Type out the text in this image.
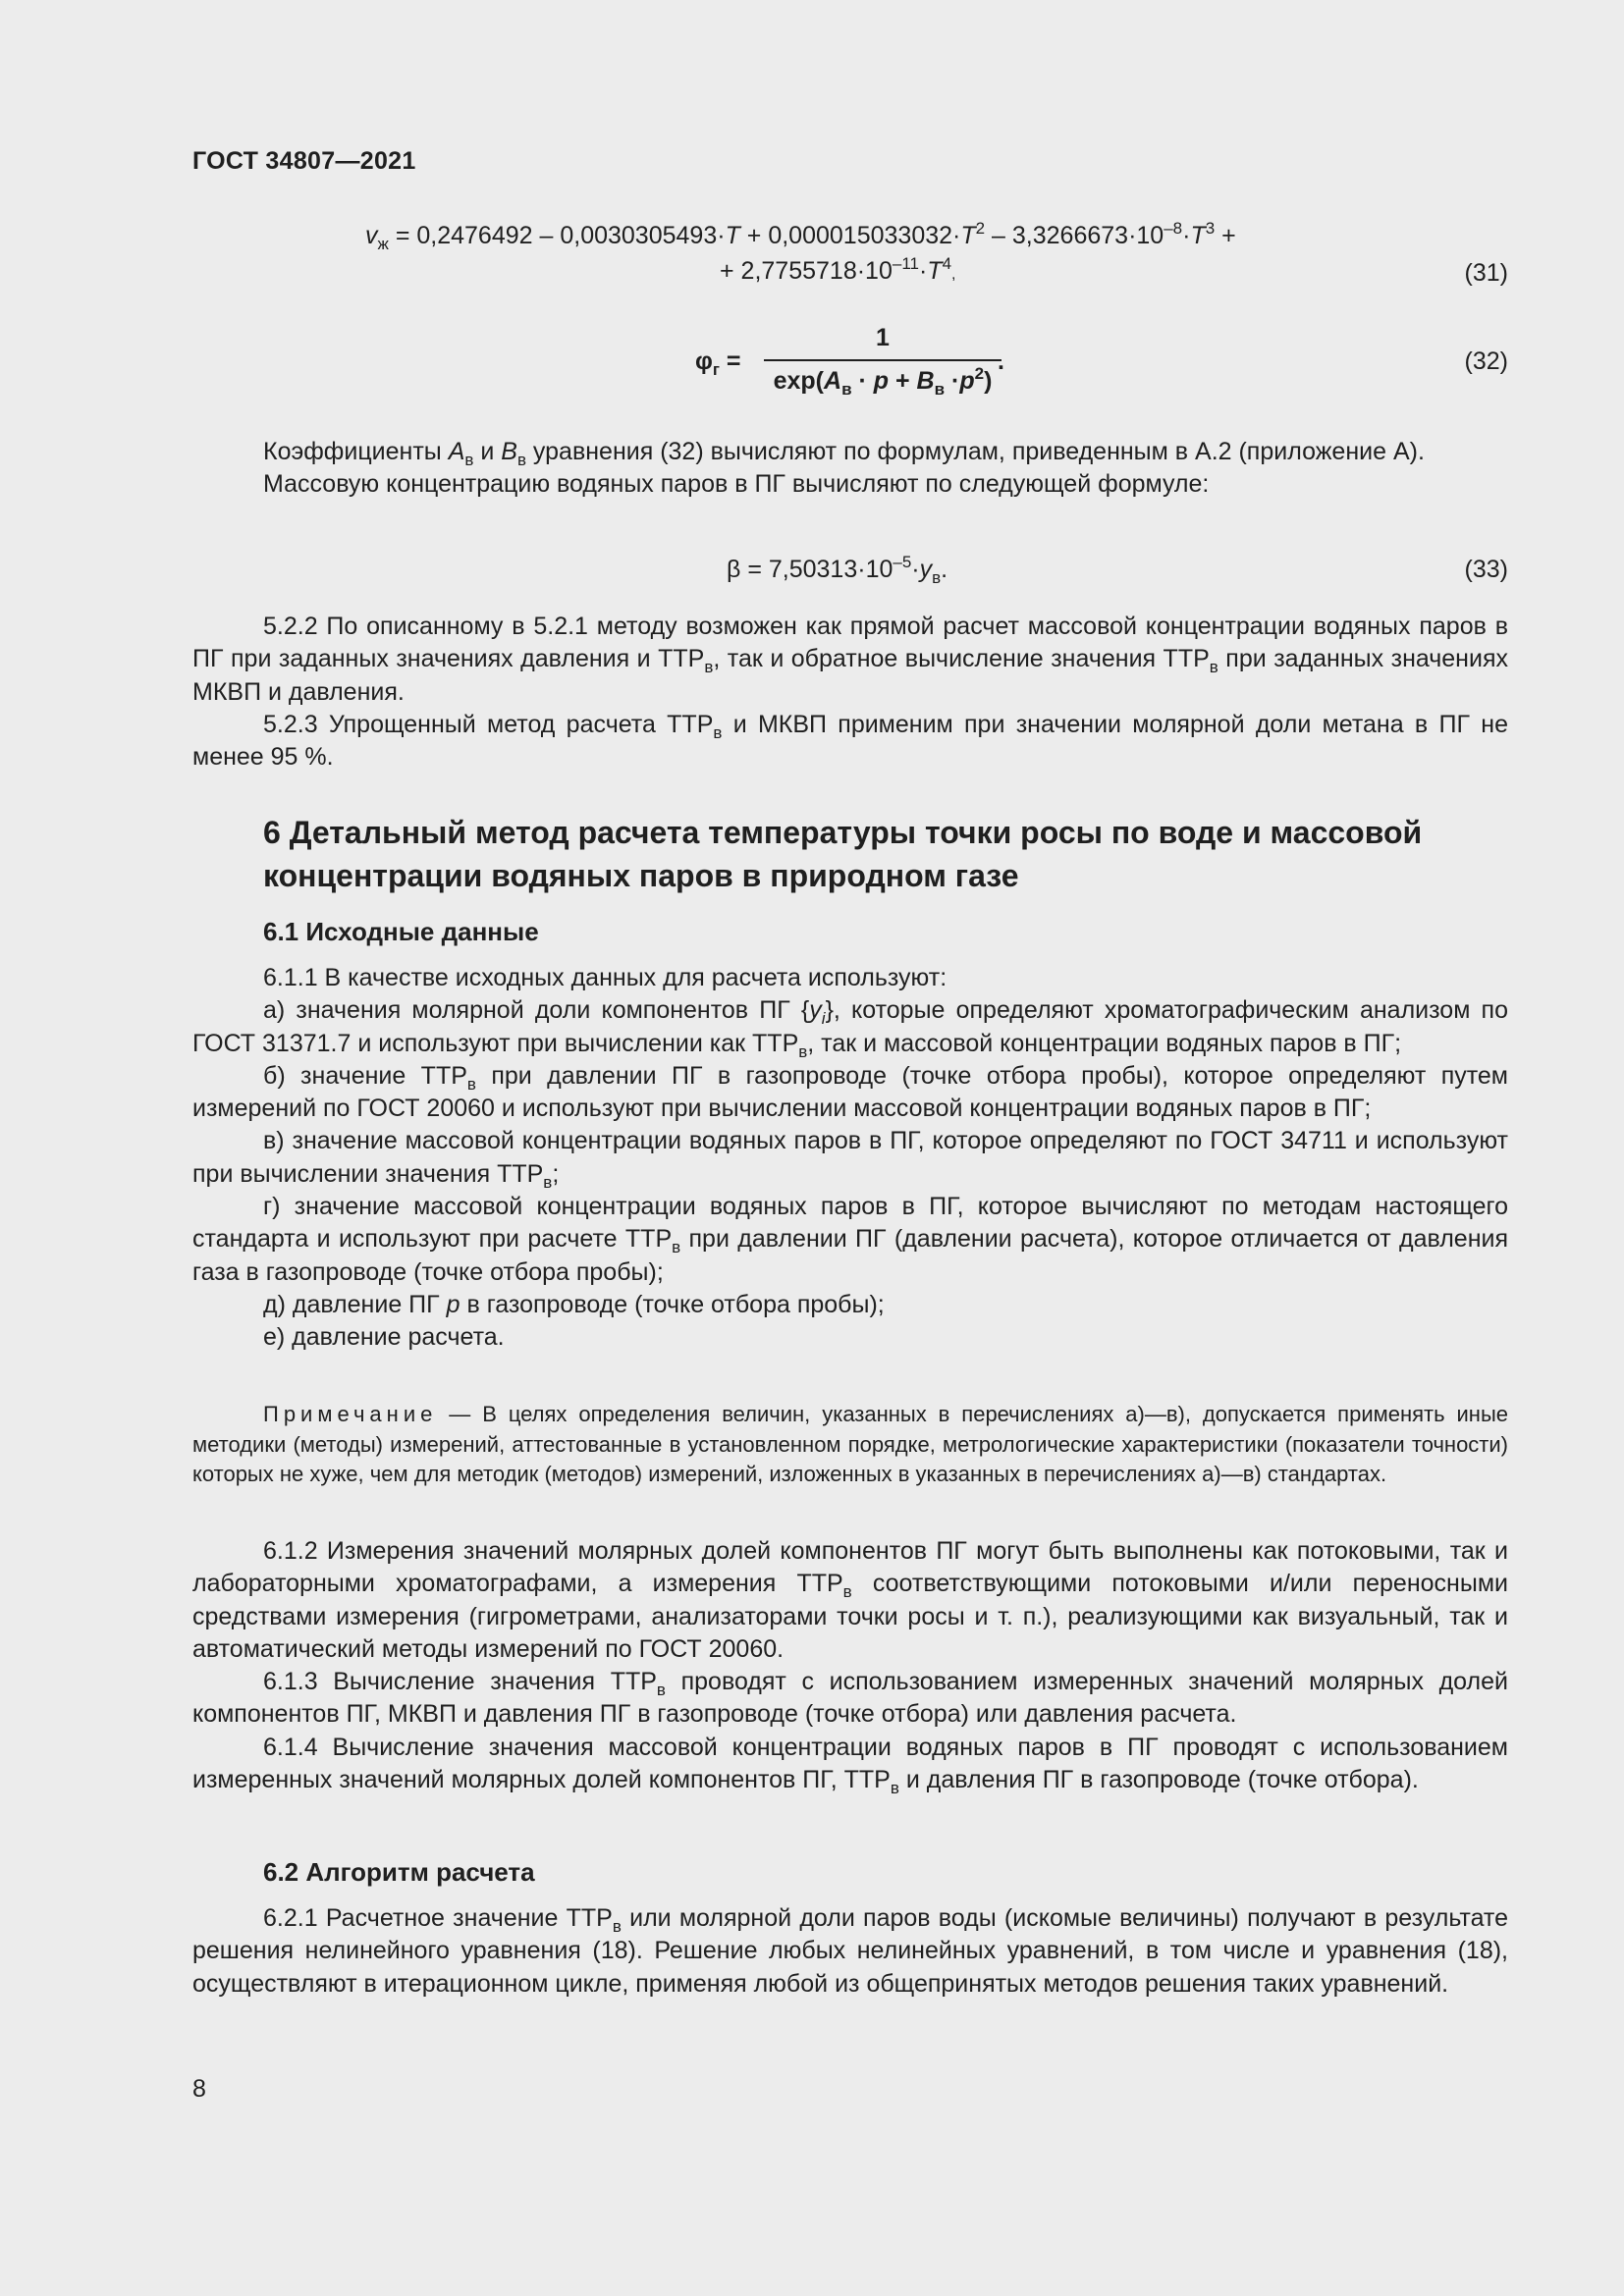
ГОСТ 34807—2021
$v_ж = 0,2476492 - 0,0030305493\cdot T + 0,000015033032\cdot T^2 - 3,3266673\cdot 10^{-8}\cdot T^3$ +
+ $2,7755718\cdot 10^{-11}\cdot T^4$,	(31)
$\varphi_г$ =
1
$\exp(A_в \cdot p + B_в \cdot p^2)$
.	(32)

Коэффициенты $A_в$ и $B_в$ уравнения (32) вычисляют по формулам, приведенным в А.2 (приложение А).

Массовую концентрацию водяных паров в ПГ вычисляют по следующей формуле:

$\beta = 7,50313\cdot 10^{-5}\cdot y_в$.	(33)

5.2.2 По описанному в 5.2.1 методу возможен как прямой расчет массовой концентрации водяных паров в ПГ при заданных значениях давления и $ТТР_в$, так и обратное вычисление значения $ТТР_в$ при заданных значениях МКВП и давления.

5.2.3 Упрощенный метод расчета $ТТР_в$ и МКВП применим при значении молярной доли метана в ПГ не менее 95 %.

6 Детальный метод расчета температуры точки росы по воде и массовой концентрации водяных паров в природном газе
6.1 Исходные данные

6.1.1 В качестве исходных данных для расчета используют:

а) значения молярной доли компонентов ПГ $\{y_i\}$, которые определяют хроматографическим анализом по ГОСТ 31371.7 и используют при вычислении как $ТТР_в$, так и массовой концентрации водяных паров в ПГ;

б) значение $ТТР_в$ при давлении ПГ в газопроводе (точке отбора пробы), которое определяют путем измерений по ГОСТ 20060 и используют при вычислении массовой концентрации водяных паров в ПГ;

в) значение массовой концентрации водяных паров в ПГ, которое определяют по ГОСТ 34711 и используют при вычислении значения $ТТР_в$;

г) значение массовой концентрации водяных паров в ПГ, которое вычисляют по методам настоящего стандарта и используют при расчете $ТТР_в$ при давлении ПГ (давлении расчета), которое отличается от давления газа в газопроводе (точке отбора пробы);

д) давление ПГ p в газопроводе (точке отбора пробы);

е) давление расчета.

Примечание — В целях определения величин, указанных в перечислениях а)—в), допускается применять иные методики (методы) измерений, аттестованные в установленном порядке, метрологические характеристики (показатели точности) которых не хуже, чем для методик (методов) измерений, изложенных в указанных в перечислениях а)—в) стандартах.

6.1.2 Измерения значений молярных долей компонентов ПГ могут быть выполнены как потоковыми, так и лабораторными хроматографами, а измерения $ТТР_в$ соответствующими потоковыми и/или переносными средствами измерения (гигрометрами, анализаторами точки росы и т. п.), реализующими как визуальный, так и автоматический методы измерений по ГОСТ 20060.

6.1.3 Вычисление значения $ТТР_в$ проводят с использованием измеренных значений молярных долей компонентов ПГ, МКВП и давления ПГ в газопроводе (точке отбора) или давления расчета.

6.1.4 Вычисление значения массовой концентрации водяных паров в ПГ проводят с использованием измеренных значений молярных долей компонентов ПГ, $ТТР_в$ и давления ПГ в газопроводе (точке отбора).

6.2 Алгоритм расчета

6.2.1 Расчетное значение $ТТР_в$ или молярной доли паров воды (искомые величины) получают в результате решения нелинейного уравнения (18). Решение любых нелинейных уравнений, в том числе и уравнения (18), осуществляют в итерационном цикле, применяя любой из общепринятых методов решения таких уравнений.

8
